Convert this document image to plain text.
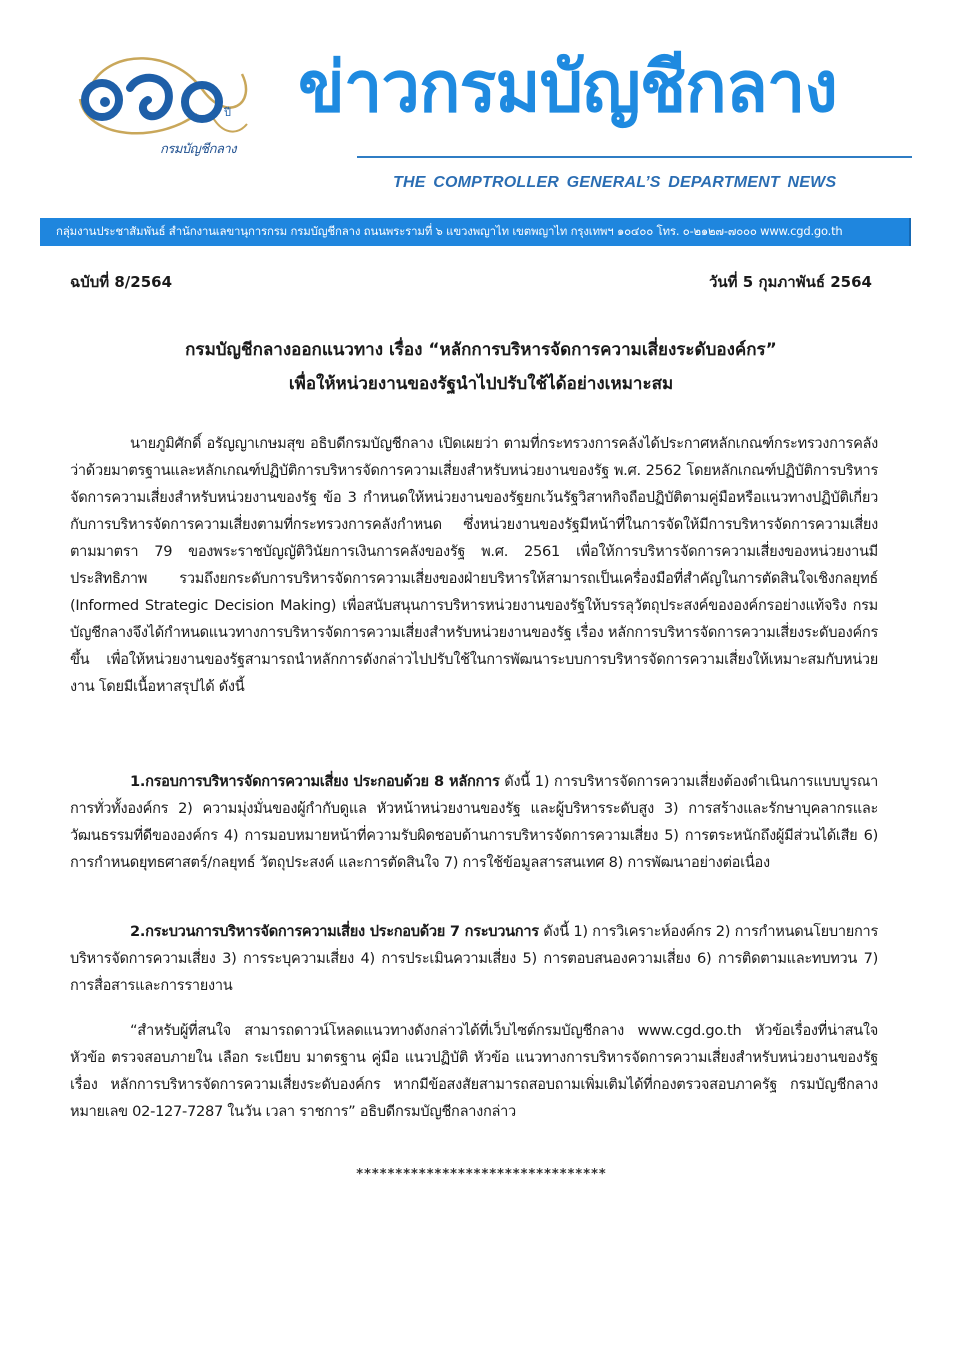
ปี
กรมบัญชีกลาง
ข่าวกรมบัญชีกลาง
THE COMPTROLLER GENERAL’S DEPARTMENT NEWS
กลุ่มงานประชาสัมพันธ์ สำนักงานเลขานุการกรม กรมบัญชีกลาง ถนนพระรามที่ ๖ แขวงพญาไท เขตพญาไท กรุงเทพฯ ๑๐๔๐๐ โทร. ๐-๒๑๒๗-๗๐๐๐ www.cgd.go.th
ฉบับที่ 8/2564	วันที่ 5 กุมภาพันธ์ 2564
กรมบัญชีกลางออกแนวทาง เรื่อง “หลักการบริหารจัดการความเสี่ยงระดับองค์กร”
เพื่อให้หน่วยงานของรัฐนำไปปรับใช้ได้อย่างเหมาะสม

นายภูมิศักดิ์ อรัญญาเกษมสุข อธิบดีกรมบัญชีกลาง เปิดเผยว่า ตามที่กระทรวงการคลังได้ประกาศหลักเกณฑ์กระทรวงการคลังว่าด้วยมาตรฐานและหลักเกณฑ์ปฏิบัติการบริหารจัดการความเสี่ยงสำหรับหน่วยงานของรัฐ พ.ศ. 2562 โดยหลักเกณฑ์ปฏิบัติการบริหารจัดการความเสี่ยงสำหรับหน่วยงานของรัฐ ข้อ 3 กำหนดให้หน่วยงานของรัฐยกเว้นรัฐวิสาหกิจถือปฏิบัติตามคู่มือหรือแนวทางปฏิบัติเกี่ยวกับการบริหารจัดการความเสี่ยงตามที่กระทรวงการคลังกำหนด ซึ่งหน่วยงานของรัฐมีหน้าที่ในการจัดให้มีการบริหารจัดการความเสี่ยง ตามมาตรา 79 ของพระราชบัญญัติวินัยการเงินการคลังของรัฐ พ.ศ. 2561 เพื่อให้การบริหารจัดการความเสี่ยงของหน่วยงานมีประสิทธิภาพ รวมถึงยกระดับการบริหารจัดการความเสี่ยงของฝ่ายบริหารให้สามารถเป็นเครื่องมือที่สำคัญในการตัดสินใจเชิงกลยุทธ์ (Informed Strategic Decision Making) เพื่อสนับสนุนการบริหารหน่วยงานของรัฐให้บรรลุวัตถุประสงค์ขององค์กรอย่างแท้จริง กรมบัญชีกลางจึงได้กำหนดแนวทางการบริหารจัดการความเสี่ยงสำหรับหน่วยงานของรัฐ เรื่อง หลักการบริหารจัดการความเสี่ยงระดับองค์กรขึ้น เพื่อให้หน่วยงานของรัฐสามารถนำหลักการดังกล่าวไปปรับใช้ในการพัฒนาระบบการบริหารจัดการความเสี่ยงให้เหมาะสมกับหน่วยงาน โดยมีเนื้อหาสรุปได้ ดังนี้

1.กรอบการบริหารจัดการความเสี่ยง ประกอบด้วย 8 หลักการ ดังนี้ 1) การบริหารจัดการความเสี่ยงต้องดำเนินการแบบบูรณาการทั่วทั้งองค์กร 2) ความมุ่งมั่นของผู้กำกับดูแล หัวหน้าหน่วยงานของรัฐ และผู้บริหารระดับสูง 3) การสร้างและรักษาบุคลากรและวัฒนธรรมที่ดีขององค์กร 4) การมอบหมายหน้าที่ความรับผิดชอบด้านการบริหารจัดการความเสี่ยง 5) การตระหนักถึงผู้มีส่วนได้เสีย 6) การกำหนดยุทธศาสตร์/กลยุทธ์ วัตถุประสงค์ และการตัดสินใจ 7) การใช้ข้อมูลสารสนเทศ 8) การพัฒนาอย่างต่อเนื่อง

2.กระบวนการบริหารจัดการความเสี่ยง ประกอบด้วย 7 กระบวนการ ดังนี้ 1) การวิเคราะห์องค์กร 2) การกำหนดนโยบายการบริหารจัดการความเสี่ยง 3) การระบุความเสี่ยง 4) การประเมินความเสี่ยง 5) การตอบสนองความเสี่ยง 6) การติดตามและทบทวน 7) การสื่อสารและการรายงาน

“สำหรับผู้ที่สนใจ สามารถดาวน์โหลดแนวทางดังกล่าวได้ที่เว็บไซต์กรมบัญชีกลาง www.cgd.go.th หัวข้อเรื่องที่น่าสนใจ หัวข้อ ตรวจสอบภายใน เลือก ระเบียบ มาตรฐาน คู่มือ แนวปฏิบัติ หัวข้อ แนวทางการบริหารจัดการความเสี่ยงสำหรับหน่วยงานของรัฐ เรื่อง หลักการบริหารจัดการความเสี่ยงระดับองค์กร หากมีข้อสงสัยสามารถสอบถามเพิ่มเติมได้ที่กองตรวจสอบภาครัฐ กรมบัญชีกลาง หมายเลข 02-127-7287 ในวัน เวลา ราชการ” อธิบดีกรมบัญชีกลางกล่าว

********************************
